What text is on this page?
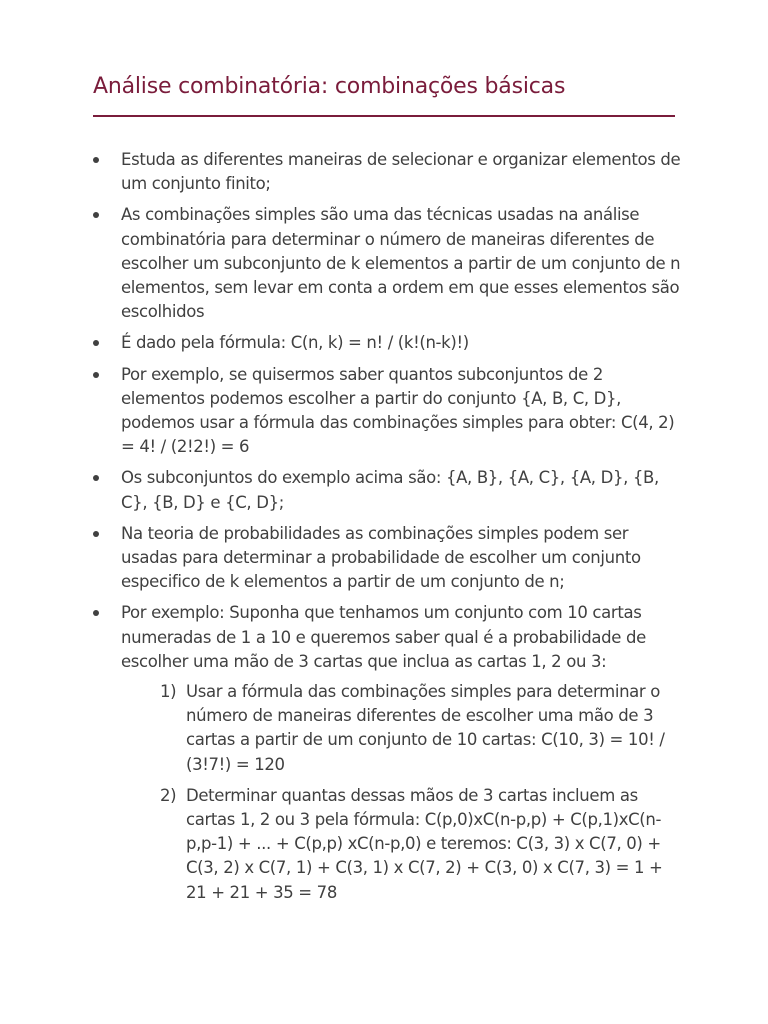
Análise combinatória: combinações básicas
Estuda as diferentes maneiras de selecionar e organizar elementos de um conjunto finito;
As combinações simples são uma das técnicas usadas na análise combinatória para determinar o número de maneiras diferentes de escolher um subconjunto de k elementos a partir de um conjunto de n elementos, sem levar em conta a ordem em que esses elementos são escolhidos
É dado pela fórmula: C(n, k) = n! / (k!(n-k)!)
Por exemplo, se quisermos saber quantos subconjuntos de 2 elementos podemos escolher a partir do conjunto {A, B, C, D}, podemos usar a fórmula das combinações simples para obter: C(4, 2) = 4! / (2!2!) = 6
Os subconjuntos do exemplo acima são: {A, B}, {A, C}, {A, D}, {B, C}, {B, D} e {C, D};
Na teoria de probabilidades as combinações simples podem ser usadas para determinar a probabilidade de escolher um conjunto especifico de k elementos a partir de um conjunto de n;
Por exemplo: Suponha que tenhamos um conjunto com 10 cartas numeradas de 1 a 10 e queremos saber qual é a probabilidade de escolher uma mão de 3 cartas que inclua as cartas 1, 2 ou 3:
1) Usar a fórmula das combinações simples para determinar o número de maneiras diferentes de escolher uma mão de 3 cartas a partir de um conjunto de 10 cartas: C(10, 3) = 10! / (3!7!) = 120
2) Determinar quantas dessas mãos de 3 cartas incluem as cartas 1, 2 ou 3 pela fórmula: C(p,0)xC(n-p,p) + C(p,1)xC(n-p,p-1) + ... + C(p,p) xC(n-p,0) e teremos: C(3, 3) x C(7, 0) + C(3, 2) x C(7, 1) + C(3, 1) x C(7, 2) + C(3, 0) x C(7, 3) = 1 + 21 + 21 + 35 = 78
